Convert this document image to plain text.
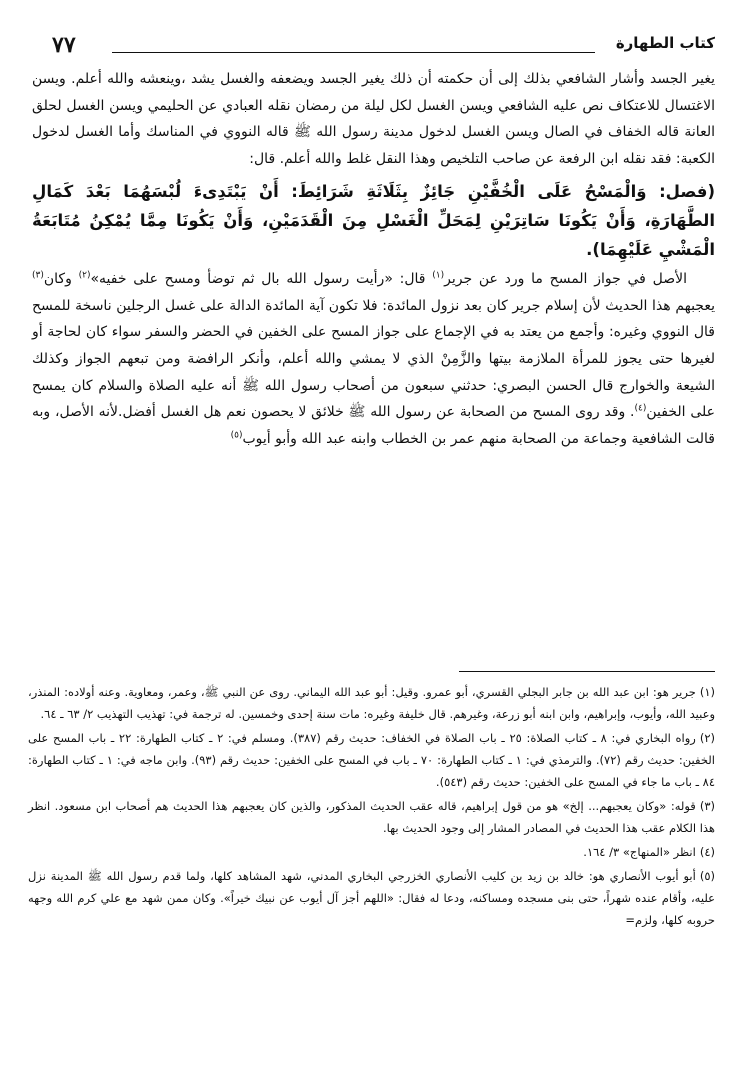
٧٧	كتاب الطهارة

يغير الجسد وأشار الشافعي بذلك إلى أن حكمته أن ذلك يغير الجسد ويضعفه والغسل يشد ،وينعشه والله أعلم. ويسن الاغتسال للاعتكاف نص عليه الشافعي ويسن الغسل لكل ليلة من رمضان نقله العبادي عن الحليمي ويسن الغسل لحلق العانة قاله الخفاف في الصال ويسن الغسل لدخول مدينة رسول الله ﷺ قاله النووي في المناسك وأما الغسل لدخول الكعبة: فقد نقله ابن الرفعة عن صاحب التلخيص وهذا النقل غلط والله أعلم. قال:

(فصل: وَالْمَسْحُ عَلَى الْخُفَّيْنِ جَائِزٌ بِثَلَاثَةِ شَرَائِطَ: أَنْ يَبْتَدِىءَ لُبْسَهُمَا بَعْدَ كَمَالِ الطَّهَارَةِ، وَأَنْ يَكُونَا سَاتِرَيْنِ لِمَحَلِّ الْغَسْلِ مِنَ الْقَدَمَيْنِ، وَأَنْ يَكُونَا مِمَّا يُمْكِنُ مُتَابَعَةُ الْمَشْيِ عَلَيْهِمَا).

الأصل في جواز المسح ما ورد عن جرير$^{(١)}$ قال: «رأيت رسول الله بال ثم توضأ ومسح على خفيه»$^{(٢)}$ وكان$^{(٣)}$ يعجبهم هذا الحديث لأن إسلام جرير كان بعد نزول المائدة: فلا تكون آية المائدة الدالة على غسل الرجلين ناسخة للمسح قال النووي وغيره: وأجمع من يعتد به في الإجماع على جواز المسح على الخفين في الحضر والسفر سواء كان لحاجة أو لغيرها حتى يجوز للمرأة الملازمة بيتها والزَّمِنْ الذي لا يمشي والله أعلم، وأنكر الرافضة ومن تبعهم الجواز وكذلك الشيعة والخوارج قال الحسن البصري: حدثني سبعون من أصحاب رسول الله ﷺ أنه عليه الصلاة والسلام كان يمسح على الخفين$^{(٤)}$. وقد روى المسح من الصحابة عن رسول الله ﷺ خلائق لا يحصون نعم هل الغسل أفضل.لأنه الأصل، وبه قالت الشافعية وجماعة من الصحابة منهم عمر بن الخطاب وابنه عبد الله وأبو أيوب$^{(٥)}$

(١)جرير هو: ابن عبد الله بن جابر البجلي القسري، أبو عمرو. وقيل: أبو عبد الله اليماني. روى عن النبي ﷺ، وعمر، ومعاوية. وعنه أولاده: المنذر، وعبيد الله، وأيوب، وإبراهيم، وابن ابنه أبو زرعة، وغيرهم. قال خليفة وغيره: مات سنة إحدى وخمسين. له ترجمة في: تهذيب التهذيب ٢/ ٦٣ ـ ٦٤.

(٢)رواه البخاري في: ٨ ـ كتاب الصلاة: ٢٥ ـ باب الصلاة في الخفاف: حديث رقم (٣٨٧). ومسلم في: ٢ ـ كتاب الطهارة: ٢٢ ـ باب المسح على الخفين: حديث رقم (٧٢). والترمذي في: ١ ـ كتاب الطهارة: ٧٠ ـ باب في المسح على الخفين: حديث رقم (٩٣). وابن ماجه في: ١ ـ كتاب الطهارة: ٨٤ ـ باب ما جاء في المسح على الخفين: حديث رقم (٥٤٣).

(٣)قوله: «وكان يعجبهم... إلخ» هو من قول إبراهيم، قاله عقب الحديث المذكور، والذين كان يعجبهم هذا الحديث هم أصحاب ابن مسعود. انظر هذا الكلام عقب هذا الحديث في المصادر المشار إلى وجود الحديث بها.

(٤)انظر «المنهاج» ٣/ ١٦٤.

(٥)أبو أيوب الأنصاري هو: خالد بن زيد بن كليب الأنصاري الخزرجي البخاري المدني، شهد المشاهد كلها، ولما قدم رسول الله ﷺ المدينة نزل عليه، وأقام عنده شهراً، حتى بنى مسجده ومساكنه، ودعا له فقال: «اللهم أجز آل أيوب عن نبيك خيراً». وكان ممن شهد مع علي كرم الله وجهه حروبه كلها، ولزم=
